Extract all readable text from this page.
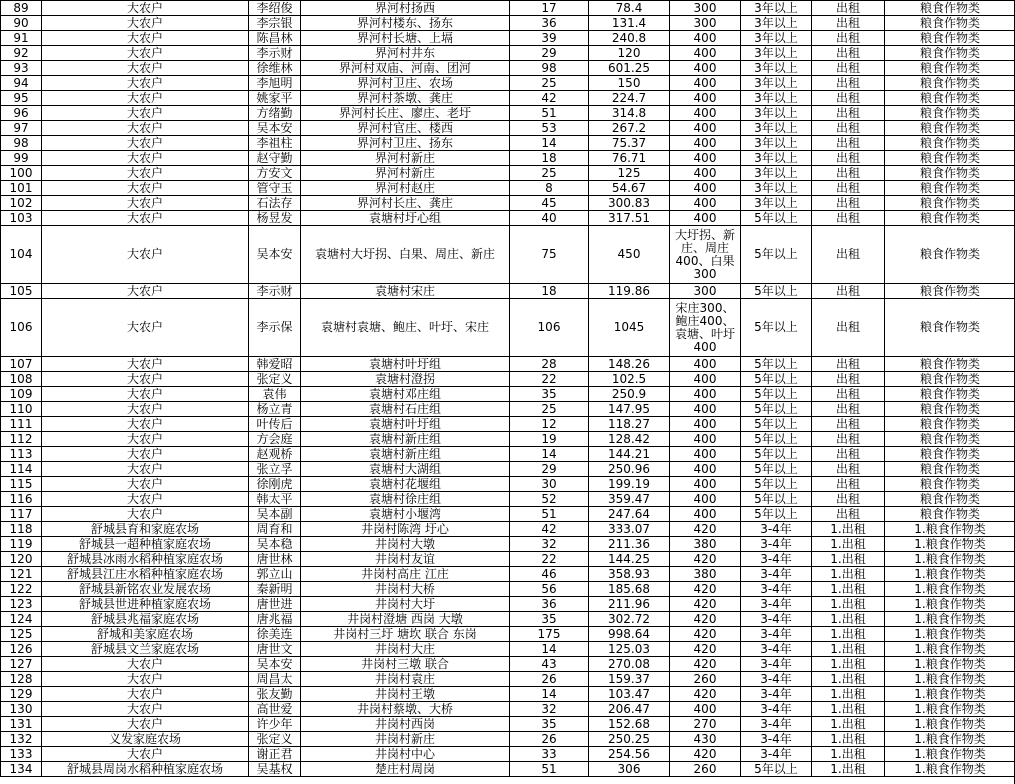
89	大农户	李绍俊	界河村扬西	17	78.4	300	3年以上	出租	粮食作物类
90	大农户	李宗银	界河村楼东、扬东	36	131.4	300	3年以上	出租	粮食作物类
91	大农户	陈昌林	界河村长塘、上塥	39	240.8	400	3年以上	出租	粮食作物类
92	大农户	李示财	界河村井东	29	120	400	3年以上	出租	粮食作物类
93	大农户	徐维林	界河村双庙、河南、团河	98	601.25	400	3年以上	出租	粮食作物类
94	大农户	李旭明	界河村卫庄、农场	25	150	400	3年以上	出租	粮食作物类
95	大农户	姚家平	界河村茶墩、龚庄	42	224.7	400	3年以上	出租	粮食作物类
96	大农户	方绪勤	界河村长庄、廖庄、老圩	51	314.8	400	3年以上	出租	粮食作物类
97	大农户	吴本安	界河村官庄、楼西	53	267.2	400	3年以上	出租	粮食作物类
98	大农户	李祖柱	界河村卫庄、扬东	14	75.37	400	3年以上	出租	粮食作物类
99	大农户	赵守勤	界河村新庄	18	76.71	400	3年以上	出租	粮食作物类
100	大农户	方安文	界河村新庄	25	125	400	3年以上	出租	粮食作物类
101	大农户	管守玉	界河村赵庄	8	54.67	400	3年以上	出租	粮食作物类
102	大农户	石法存	界河村长庄、龚庄	45	300.83	400	3年以上	出租	粮食作物类
103	大农户	杨昱发	袁塘村圩心组	40	317.51	400	5年以上	出租	粮食作物类
104	大农户	吴本安	袁塘村大圩拐、白果、周庄、新庄	75	450	大圩拐、新庄、周庄400、白果300	5年以上	出租	粮食作物类
105	大农户	李示财	袁塘村宋庄	18	119.86	300	5年以上	出租	粮食作物类
106	大农户	李示保	袁塘村袁塘、鲍庄、叶圩、宋庄	106	1045	宋庄300、鲍庄400、袁塘、叶圩400	5年以上	出租	粮食作物类
107	大农户	韩爱昭	袁塘村叶圩组	28	148.26	400	5年以上	出租	粮食作物类
108	大农户	张定义	袁塘村澄拐	22	102.5	400	5年以上	出租	粮食作物类
109	大农户	袁伟	袁塘村邓庄组	35	250.9	400	5年以上	出租	粮食作物类
110	大农户	杨立青	袁塘村石庄组	25	147.95	400	5年以上	出租	粮食作物类
111	大农户	叶传后	袁塘村叶圩组	12	118.27	400	5年以上	出租	粮食作物类
112	大农户	方会庭	袁塘村新庄组	19	128.42	400	5年以上	出租	粮食作物类
113	大农户	赵观桥	袁塘村新庄组	14	144.21	400	5年以上	出租	粮食作物类
114	大农户	张立孚	袁塘村大湖组	29	250.96	400	5年以上	出租	粮食作物类
115	大农户	徐刚虎	袁塘村花堰组	30	199.19	400	5年以上	出租	粮食作物类
116	大农户	韩太平	袁塘村徐庄组	52	359.47	400	5年以上	出租	粮食作物类
117	大农户	吴本副	袁塘村小堰湾	51	247.64	400	5年以上	出租	粮食作物类
118	舒城县育和家庭农场	周育和	井岗村陈湾 圩心	42	333.07	420	3-4年	1.出租	1.粮食作物类
119	舒城县一超种植家庭农场	吴本稳	井岗村大墩	32	211.36	380	3-4年	1.出租	1.粮食作物类
120	舒城县冰雨水稻种植家庭农场	唐世林	井岗村友谊	22	144.25	420	3-4年	1.出租	1.粮食作物类
121	舒城县江庄水稻种植家庭农场	郭立山	井岗村高庄 江庄	46	358.93	380	3-4年	1.出租	1.粮食作物类
122	舒城县新铭农业发展农场	秦新明	井岗村大桥	56	185.68	420	3-4年	1.出租	1.粮食作物类
123	舒城县世进种植家庭农场	唐世进	井岗村大圩	36	211.96	420	3-4年	1.出租	1.粮食作物类
124	舒城县兆福家庭农场	唐兆福	井岗村澄塘 西岗 大墩	35	302.72	420	3-4年	1.出租	1.粮食作物类
125	舒城和美家庭农场	徐美连	井岗村三圩 塘坎 联合 东岗	175	998.64	420	3-4年	1.出租	1.粮食作物类
126	舒城县文兰家庭农场	唐世文	井岗村大庄	14	125.03	420	3-4年	1.出租	1.粮食作物类
127	大农户	吴本安	井岗村三墩 联合	43	270.08	420	3-4年	1.出租	1.粮食作物类
128	大农户	周昌太	井岗村袁庄	26	159.37	260	3-4年	1.出租	1.粮食作物类
129	大农户	张友勤	井岗村王墩	14	103.47	420	3-4年	1.出租	1.粮食作物类
130	大农户	高世爱	井岗村蔡墩、大桥	32	206.47	400	3-4年	1.出租	1.粮食作物类
131	大农户	许少年	井岗村西岗	35	152.68	270	3-4年	1.出租	1.粮食作物类
132	义发家庭农场	张定义	井岗村新庄	26	250.25	430	3-4年	1.出租	1.粮食作物类
133	大农户	谢正君	井岗村中心	33	254.56	420	3-4年	1.出租	1.粮食作物类
134	舒城县周岗水稻种植家庭农场	吴基权	楚庄村周岗	51	306	260	5年以上	1.出租	1.粮食作物类
